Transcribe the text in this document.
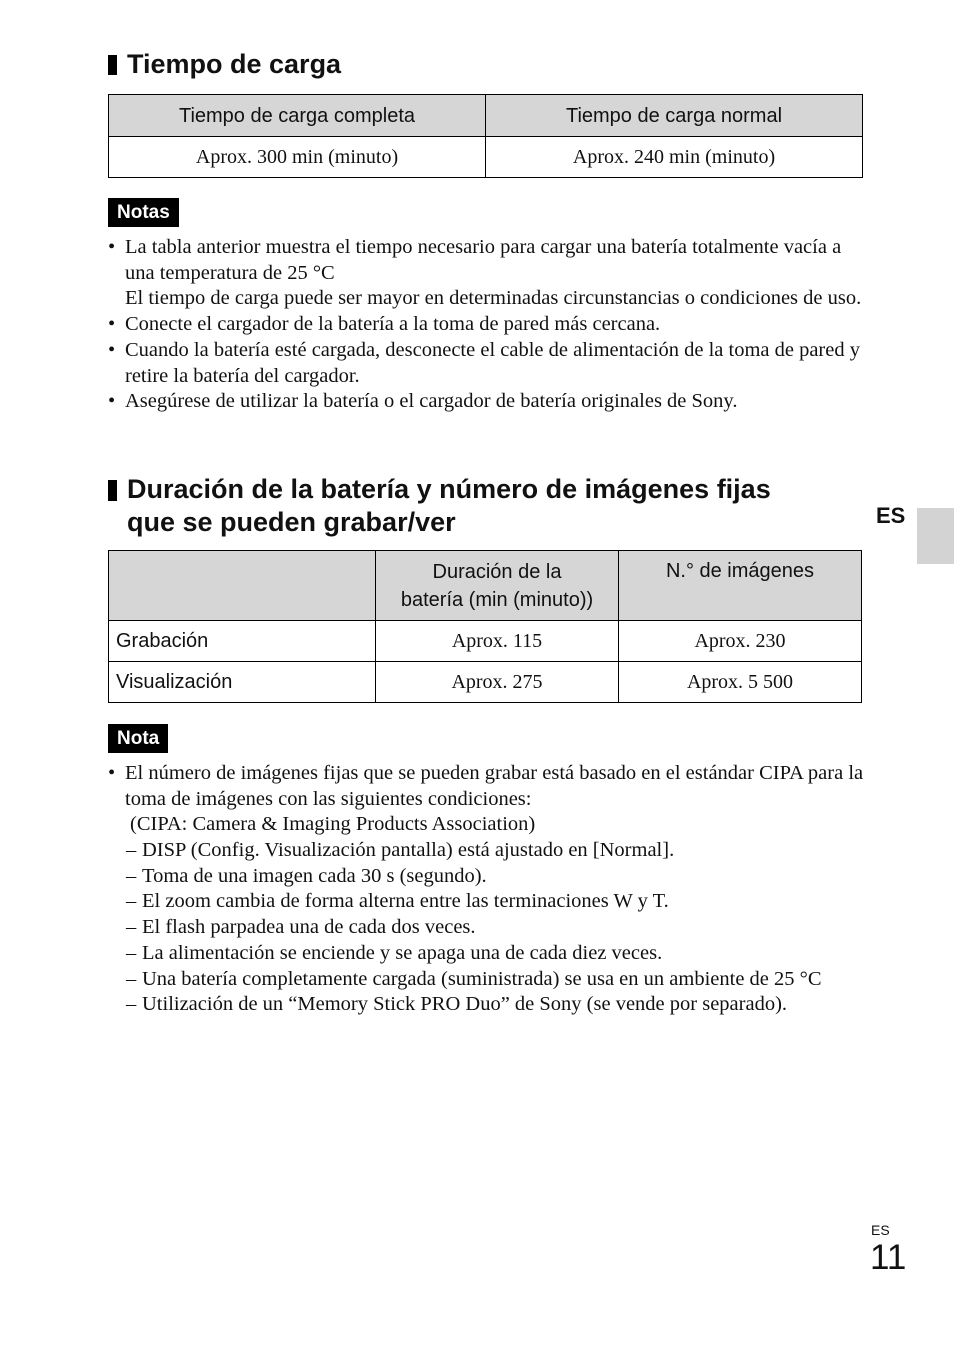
Tiempo de carga
Tiempo de carga completa	Tiempo de carga normal
Aprox. 300 min (minuto)	Aprox. 240 min (minuto)
Notas
• La tabla anterior muestra el tiempo necesario para cargar una batería totalmente vacía a una temperatura de 25 °C
El tiempo de carga puede ser mayor en determinadas circunstancias o condiciones de uso.
• Conecte el cargador de la batería a la toma de pared más cercana.
• Cuando la batería esté cargada, desconecte el cable de alimentación de la toma de pared y retire la batería del cargador.
• Asegúrese de utilizar la batería o el cargador de batería originales de Sony.
Duración de la batería y número de imágenes fijas
que se pueden grabar/ver
	Duración de la batería (min (minuto))	N.° de imágenes
Grabación	Aprox. 115	Aprox. 230
Visualización	Aprox. 275	Aprox. 5 500
Nota
• El número de imágenes fijas que se pueden grabar está basado en el estándar CIPA para la toma de imágenes con las siguientes condiciones:
(CIPA: Camera & Imaging Products Association)
– DISP (Config. Visualización pantalla) está ajustado en [Normal].
– Toma de una imagen cada 30 s (segundo).
– El zoom cambia de forma alterna entre las terminaciones W y T.
– El flash parpadea una de cada dos veces.
– La alimentación se enciende y se apaga una de cada diez veces.
– Una batería completamente cargada (suministrada) se usa en un ambiente de 25 °C
– Utilización de un “Memory Stick PRO Duo” de Sony (se vende por separado).
ES
ES
11
